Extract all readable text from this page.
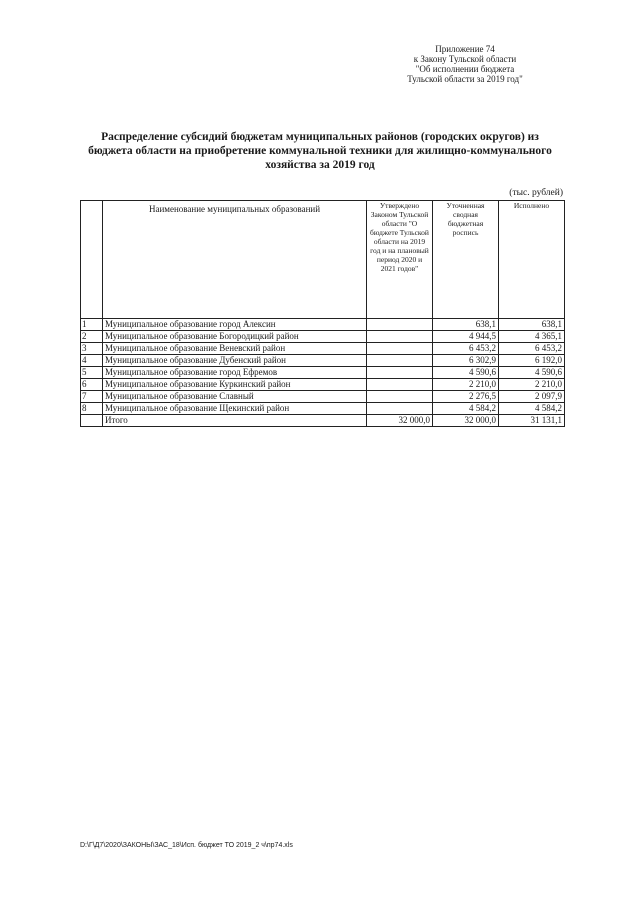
Приложение 74
к Закону Тульской области
"Об исполнении бюджета
Тульской области за 2019 год"
Распределение субсидий бюджетам муниципальных районов (городских округов) из бюджета области на приобретение коммунальной техники для жилищно-коммунального хозяйства за 2019 год
(тыс. рублей)
	Наименование муниципальных образований	Утверждено Законом Тульской области "О бюджете Тульской области на 2019 год и на плановый период 2020 и 2021 годов"	Уточненная сводная бюджетная роспись	Исполнено
1	Муниципальное образование город Алексин		638,1	638,1
2	Муниципальное образование Богородицкий район		4 944,5	4 365,1
3	Муниципальное образование Веневский район		6 453,2	6 453,2
4	Муниципальное образование Дубенский район		6 302,9	6 192,0
5	Муниципальное образование город Ефремов		4 590,6	4 590,6
6	Муниципальное образование Куркинский район		2 210,0	2 210,0
7	Муниципальное образование Славный		2 276,5	2 097,9
8	Муниципальное образование Щекинский район		4 584,2	4 584,2
	Итого	32 000,0	32 000,0	31 131,1
D:\Г\Д7\2020\ЗАКОНЫ\ЗАС_18\Исп. бюджет ТО 2019_2 ч\пр74.xls
